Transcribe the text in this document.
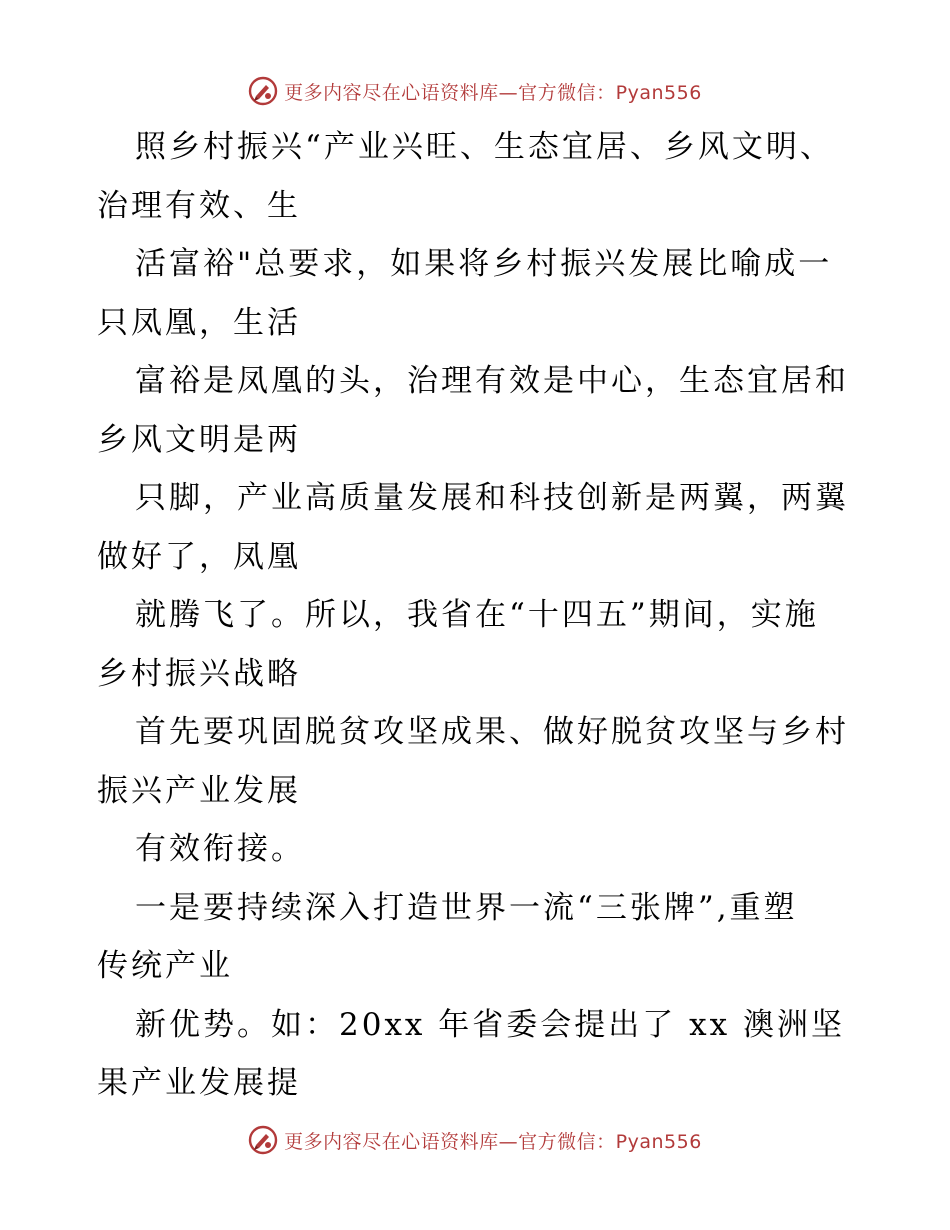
更多内容尽在心语资料库—官方微信：Pyan556
照乡村振兴“产业兴旺、生态宜居、乡风文明、
治理有效、生
活富裕"总要求，如果将乡村振兴发展比喻成一
只凤凰，生活
富裕是凤凰的头，治理有效是中心，生态宜居和
乡风文明是两
只脚，产业高质量发展和科技创新是两翼，两翼
做好了，凤凰
就腾飞了。所以，我省在“十四五”期间，实施
乡村振兴战略
首先要巩固脱贫攻坚成果、做好脱贫攻坚与乡村
振兴产业发展
有效衔接。
一是要持续深入打造世界一流“三张牌”,重塑
传统产业
新优势。如：20xx 年省委会提出了 xx 澳洲坚
果产业发展提
更多内容尽在心语资料库—官方微信：Pyan556
